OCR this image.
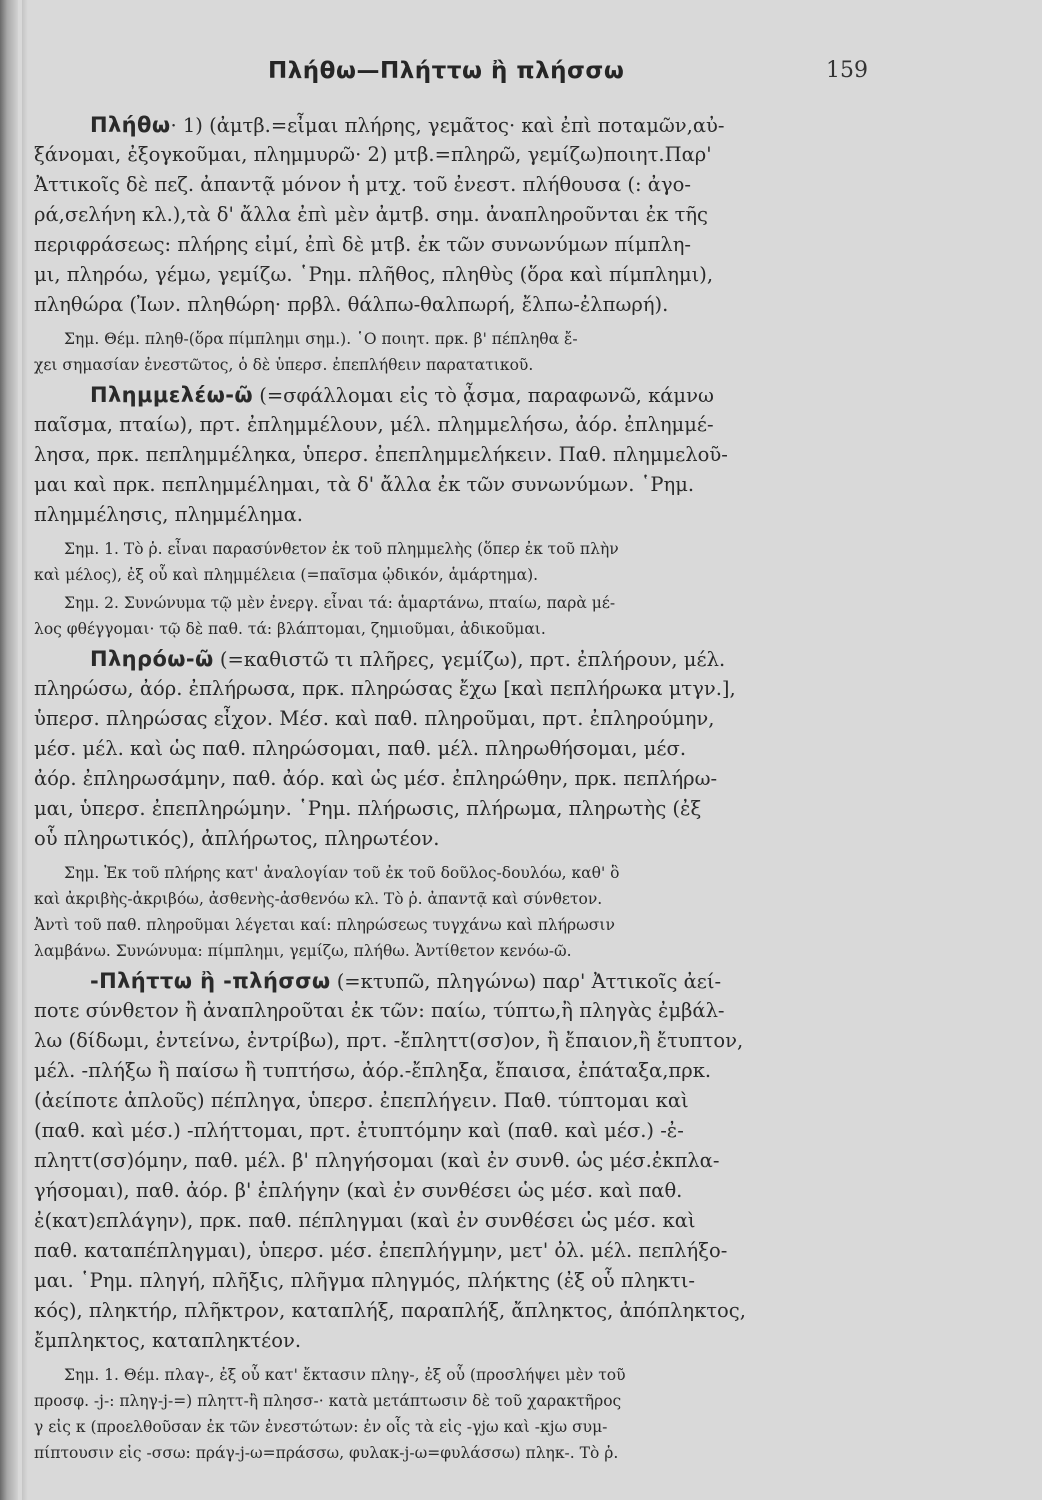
Πλήθω—Πλήττω ἢ πλήσσω	159
Πλήθω· 1) (ἀμτβ.=εἶμαι πλήρης, γεμᾶτος· καὶ ἐπὶ ποταμῶν,αὐ-
ξάνομαι, ἐξογκοῦμαι, πλημμυρῶ· 2) μτβ.=πληρῶ, γεμίζω)ποιητ.Παρ'
Ἀττικοῖς δὲ πεζ. ἀπαντᾷ μόνον ἡ μτχ. τοῦ ἐνεστ. πλήθουσα (: ἀγο-
ρά,σελήνη κλ.),τὰ δ' ἄλλα ἐπὶ μὲν ἀμτβ. σημ. ἀναπληροῦνται ἐκ τῆς
περιφράσεως: πλήρης εἰμί, ἐπὶ δὲ μτβ. ἐκ τῶν συνωνύμων πίμπλη-
μι, πληρόω, γέμω, γεμίζω. ῾Ρημ. πλῆθος, πληθὺς (ὅρα καὶ πίμπλημι),
πληθώρα (Ἰων. πληθώρη· πρβλ. θάλπω-θαλπωρή, ἔλπω-ἐλπωρή).
Σημ. Θέμ. πληθ-(ὅρα πίμπλημι σημ.). ῾Ο ποιητ. πρκ. β' πέπληθα ἔ-
χει σημασίαν ἐνεστῶτος, ὁ δὲ ὑπερσ. ἐπεπλήθειν παρατατικοῦ.
Πλημμελέω-ῶ (=σφάλλομαι εἰς τὸ ᾆσμα, παραφωνῶ, κάμνω
παῖσμα, πταίω), πρτ. ἐπλημμέλουν, μέλ. πλημμελήσω, ἀόρ. ἐπλημμέ-
λησα, πρκ. πεπλημμέληκα, ὑπερσ. ἐπεπλημμελήκειν. Παθ. πλημμελοῦ-
μαι καὶ πρκ. πεπλημμέλημαι, τὰ δ' ἄλλα ἐκ τῶν συνωνύμων. ῾Ρημ.
πλημμέλησις, πλημμέλημα.
Σημ. 1. Τὸ ῥ. εἶναι παρασύνθετον ἐκ τοῦ πλημμελὴς (ὅπερ ἐκ τοῦ πλὴν
καὶ μέλος), ἐξ οὗ καὶ πλημμέλεια (=παῖσμα ᾠδικόν, ἁμάρτημα).
Σημ. 2. Συνώνυμα τῷ μὲν ἐνεργ. εἶναι τά: ἁμαρτάνω, πταίω, παρὰ μέ-
λος φθέγγομαι· τῷ δὲ παθ. τά: βλάπτομαι, ζημιοῦμαι, ἀδικοῦμαι.
Πληρόω-ῶ (=καθιστῶ τι πλῆρες, γεμίζω), πρτ. ἐπλήρουν, μέλ.
πληρώσω, ἀόρ. ἐπλήρωσα, πρκ. πληρώσας ἔχω [καὶ πεπλήρωκα μτγν.],
ὑπερσ. πληρώσας εἶχον. Μέσ. καὶ παθ. πληροῦμαι, πρτ. ἐπληρούμην,
μέσ. μέλ. καὶ ὡς παθ. πληρώσομαι, παθ. μέλ. πληρωθήσομαι, μέσ.
ἀόρ. ἐπληρωσάμην, παθ. ἀόρ. καὶ ὡς μέσ. ἐπληρώθην, πρκ. πεπλήρω-
μαι, ὑπερσ. ἐπεπληρώμην. ῾Ρημ. πλήρωσις, πλήρωμα, πληρωτὴς (ἐξ
οὗ πληρωτικός), ἀπλήρωτος, πληρωτέον.
Σημ. Ἐκ τοῦ πλήρης κατ' ἀναλογίαν τοῦ ἐκ τοῦ δοῦλος-δουλόω, καθ' ὃ
καὶ ἀκριβὴς-ἀκριβόω, ἀσθενὴς-ἀσθενόω κλ. Τὸ ῥ. ἀπαντᾷ καὶ σύνθετον.
Ἀντὶ τοῦ παθ. πληροῦμαι λέγεται καί: πληρώσεως τυγχάνω καὶ πλήρωσιν
λαμβάνω. Συνώνυμα: πίμπλημι, γεμίζω, πλήθω. Ἀντίθετον κενόω-ῶ.
-Πλήττω ἢ -πλήσσω (=κτυπῶ, πληγώνω) παρ' Ἀττικοῖς ἀεί-
ποτε σύνθετον ἢ ἀναπληροῦται ἐκ τῶν: παίω, τύπτω,ἢ πληγὰς ἐμβάλ-
λω (δίδωμι, ἐντείνω, ἐντρίβω), πρτ. -ἔπληττ(σσ)ον, ἢ ἔπαιον,ἢ ἔτυπτον,
μέλ. -πλήξω ἢ παίσω ἢ τυπτήσω, ἀόρ.-ἔπληξα, ἔπαισα, ἐπάταξα,πρκ.
(ἀείποτε ἁπλοῦς) πέπληγα, ὑπερσ. ἐπεπλήγειν. Παθ. τύπτομαι καὶ
(παθ. καὶ μέσ.) -πλήττομαι, πρτ. ἐτυπτόμην καὶ (παθ. καὶ μέσ.) -ἐ-
πληττ(σσ)όμην, παθ. μέλ. β' πληγήσομαι (καὶ ἐν συνθ. ὡς μέσ.ἐκπλα-
γήσομαι), παθ. ἀόρ. β' ἐπλήγην (καὶ ἐν συνθέσει ὡς μέσ. καὶ παθ.
ἐ(κατ)επλάγην), πρκ. παθ. πέπληγμαι (καὶ ἐν συνθέσει ὡς μέσ. καὶ
παθ. καταπέπληγμαι), ὑπερσ. μέσ. ἐπεπλήγμην, μετ' ὀλ. μέλ. πεπλήξο-
μαι. ῾Ρημ. πληγή, πλῆξις, πλῆγμα πληγμός, πλήκτης (ἐξ οὗ πληκτι-
κός), πληκτήρ, πλῆκτρον, καταπλήξ, παραπλήξ, ἄπληκτος, ἀπόπληκτος,
ἔμπληκτος, καταπληκτέον.
Σημ. 1. Θέμ. πλαγ-, ἐξ οὗ κατ' ἔκτασιν πληγ-, ἐξ οὗ (προσλήψει μὲν τοῦ
προσφ. -j-: πληγ-j-=) πληττ-ἢ πλησσ-· κατὰ μετάπτωσιν δὲ τοῦ χαρακτῆρος
γ εἰς κ (προελθοῦσαν ἐκ τῶν ἐνεστώτων: ἐν οἷς τὰ εἰς -γjω καὶ -κjω συμ-
πίπτουσιν εἰς -σσω: πράγ-j-ω=πράσσω, φυλακ-j-ω=φυλάσσω) πληκ-. Τὸ ῥ.
